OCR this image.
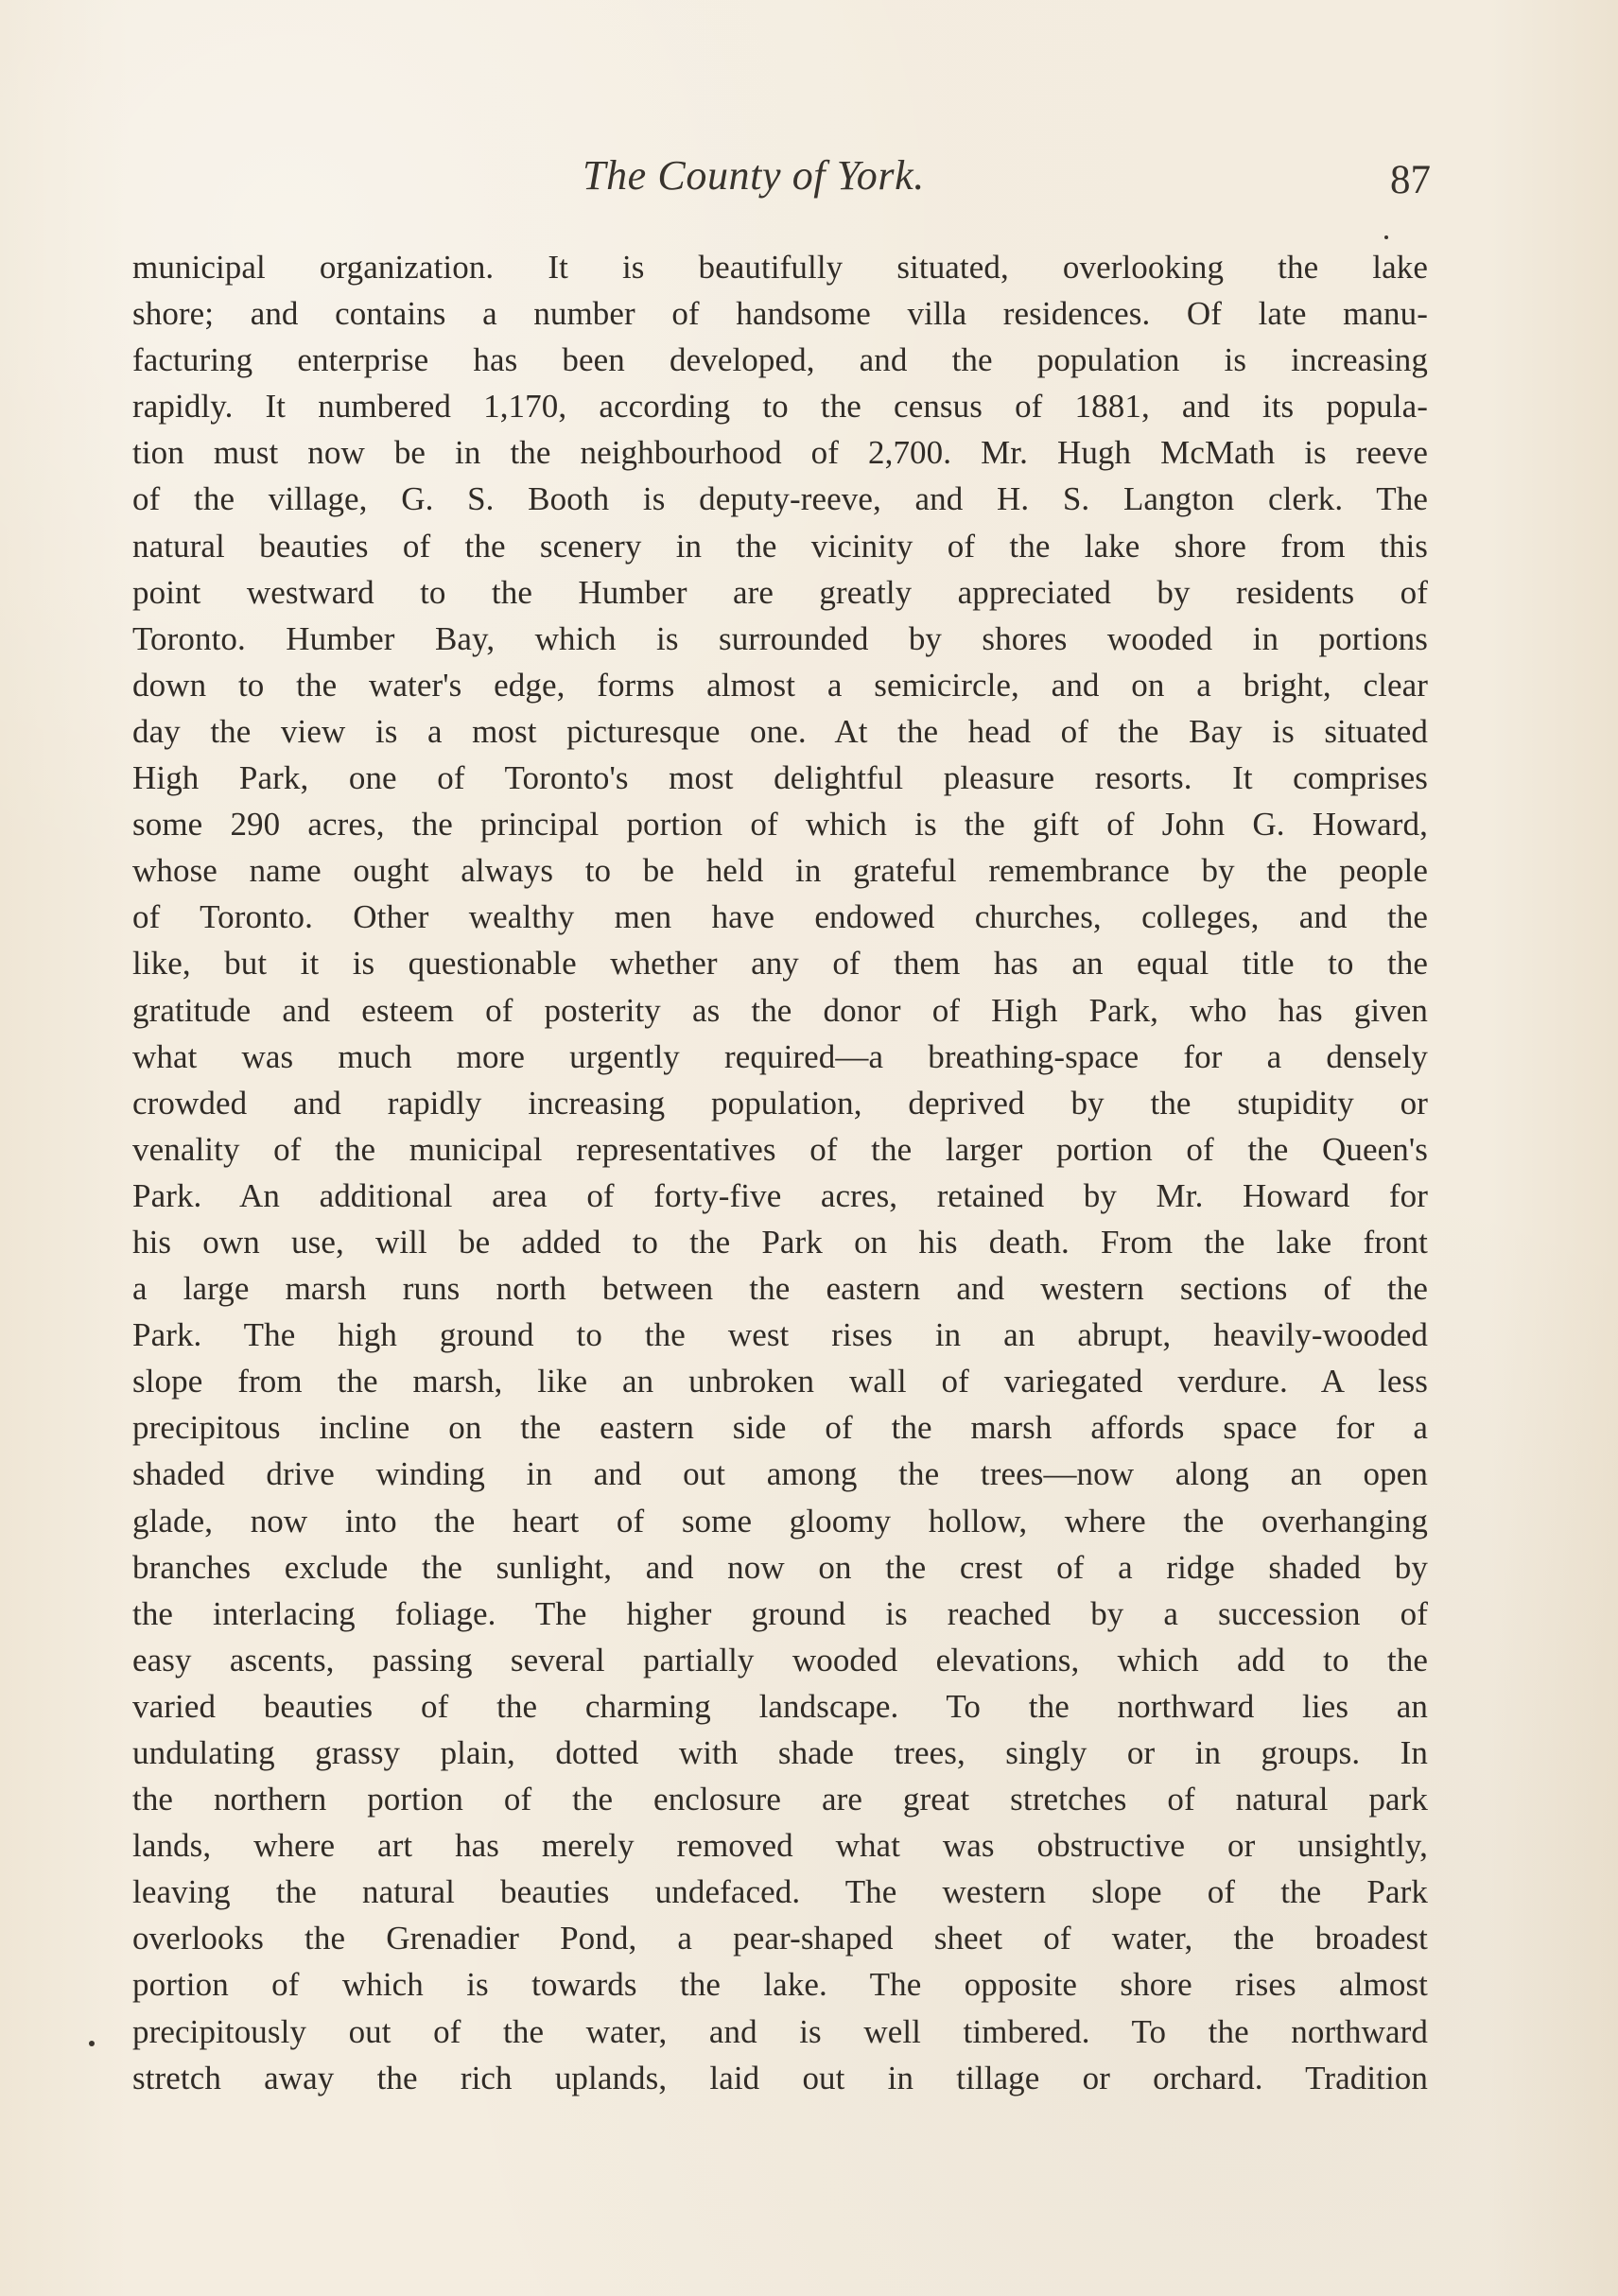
The County of York.	87
municipal organization. It is beautifully situated, overlooking the lake
shore; and contains a number of handsome villa residences. Of late manu-
facturing enterprise has been developed, and the population is increasing
rapidly. It numbered 1,170, according to the census of 1881, and its popula-
tion must now be in the neighbourhood of 2,700. Mr. Hugh McMath is reeve
of the village, G. S. Booth is deputy-reeve, and H. S. Langton clerk. The
natural beauties of the scenery in the vicinity of the lake shore from this
point westward to the Humber are greatly appreciated by residents of
Toronto. Humber Bay, which is surrounded by shores wooded in portions
down to the water's edge, forms almost a semicircle, and on a bright, clear
day the view is a most picturesque one. At the head of the Bay is situated
High Park, one of Toronto's most delightful pleasure resorts. It comprises
some 290 acres, the principal portion of which is the gift of John G. Howard,
whose name ought always to be held in grateful remembrance by the people
of Toronto. Other wealthy men have endowed churches, colleges, and the
like, but it is questionable whether any of them has an equal title to the
gratitude and esteem of posterity as the donor of High Park, who has given
what was much more urgently required—a breathing-space for a densely
crowded and rapidly increasing population, deprived by the stupidity or
venality of the municipal representatives of the larger portion of the Queen's
Park. An additional area of forty-five acres, retained by Mr. Howard for
his own use, will be added to the Park on his death. From the lake front
a large marsh runs north between the eastern and western sections of the
Park. The high ground to the west rises in an abrupt, heavily-wooded
slope from the marsh, like an unbroken wall of variegated verdure. A less
precipitous incline on the eastern side of the marsh affords space for a
shaded drive winding in and out among the trees—now along an open
glade, now into the heart of some gloomy hollow, where the overhanging
branches exclude the sunlight, and now on the crest of a ridge shaded by
the interlacing foliage. The higher ground is reached by a succession of
easy ascents, passing several partially wooded elevations, which add to the
varied beauties of the charming landscape. To the northward lies an
undulating grassy plain, dotted with shade trees, singly or in groups. In
the northern portion of the enclosure are great stretches of natural park
lands, where art has merely removed what was obstructive or unsightly,
leaving the natural beauties undefaced. The western slope of the Park
overlooks the Grenadier Pond, a pear-shaped sheet of water, the broadest
portion of which is towards the lake. The opposite shore rises almost
precipitously out of the water, and is well timbered. To the northward
stretch away the rich uplands, laid out in tillage or orchard. Tradition
